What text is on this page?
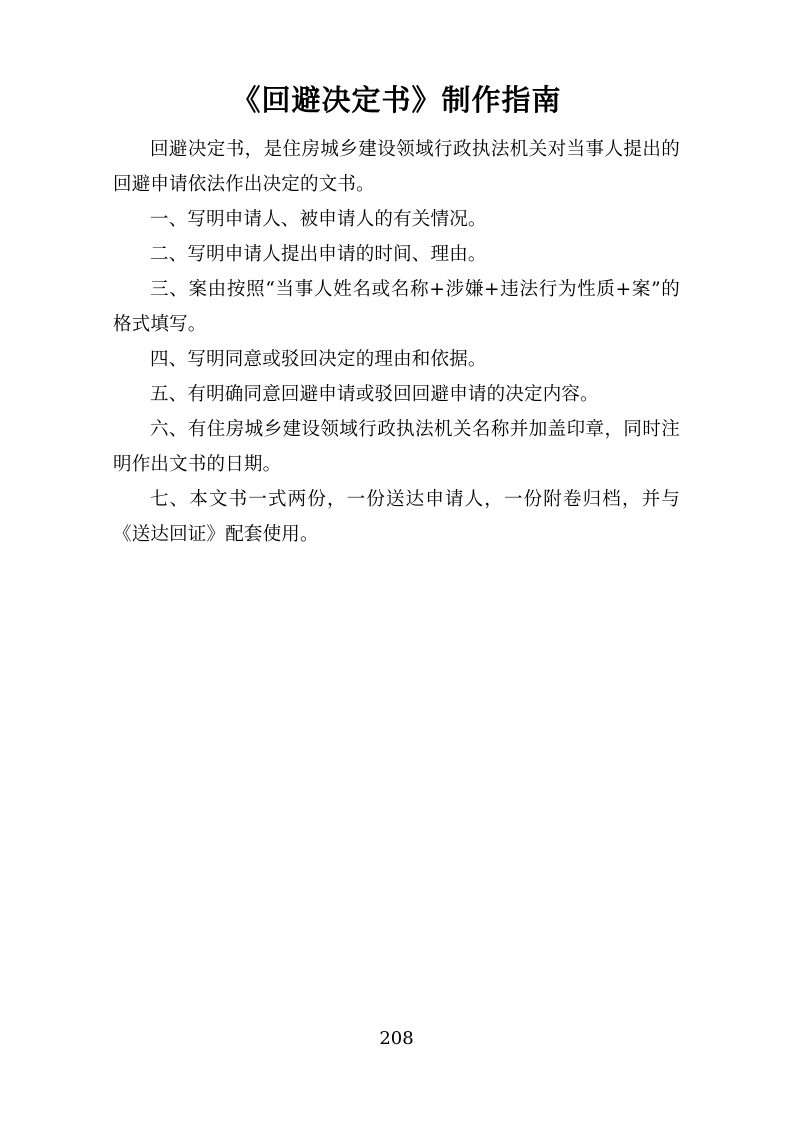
《回避决定书》制作指南

回避决定书，是住房城乡建设领域行政执法机关对当事人提出的回避申请依法作出决定的文书。

一、写明申请人、被申请人的有关情况。

二、写明申请人提出申请的时间、理由。

三、案由按照“当事人姓名或名称+涉嫌+违法行为性质+案”的格式填写。

四、写明同意或驳回决定的理由和依据。

五、有明确同意回避申请或驳回回避申请的决定内容。

六、有住房城乡建设领域行政执法机关名称并加盖印章，同时注明作出文书的日期。

七、本文书一式两份，一份送达申请人，一份附卷归档，并与《送达回证》配套使用。

208
